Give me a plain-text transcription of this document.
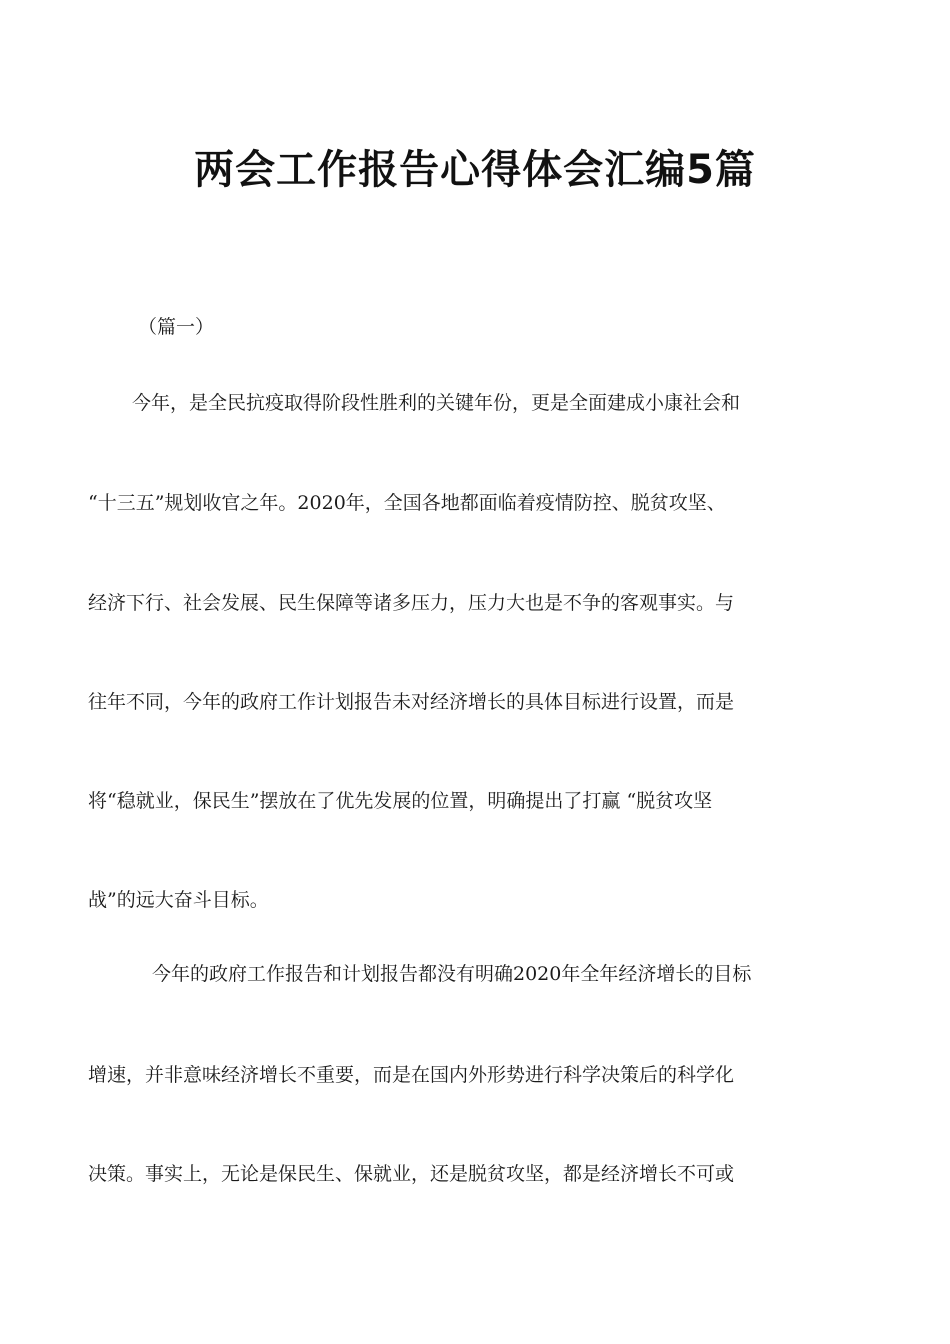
两会工作报告心得体会汇编5篇

（篇一）

今年，是全民抗疫取得阶段性胜利的关键年份，更是全面建成小康社会和

“十三五”规划收官之年。2020年，全国各地都面临着疫情防控、脱贫攻坚、

经济下行、社会发展、民生保障等诸多压力，压力大也是不争的客观事实。与

往年不同，今年的政府工作计划报告未对经济增长的具体目标进行设置，而是

将“稳就业，保民生”摆放在了优先发展的位置，明确提出了打赢 “脱贫攻坚

战”的远大奋斗目标。

今年的政府工作报告和计划报告都没有明确2020年全年经济增长的目标

增速，并非意味经济增长不重要，而是在国内外形势进行科学决策后的科学化

决策。事实上，无论是保民生、保就业，还是脱贫攻坚，都是经济增长不可或
